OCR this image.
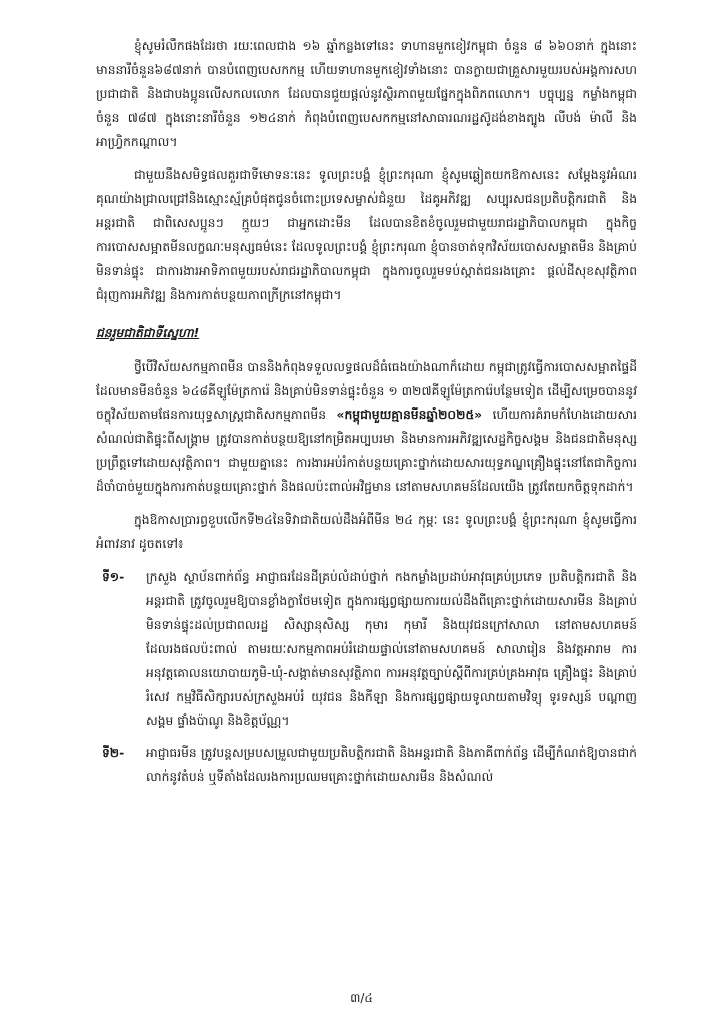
ខ្ញុំសូមរំលឹកផងដែរថា រយៈពេលជាង ១៦ ឆ្នាំកន្លងទៅនេះ ទាហានមួកខៀវកម្ពុជា ចំនួន ៨ ៦៦០នាក់ ក្នុងនោះមាននារីចំនួន៦៨៧នាក់ បានបំពេញបេសកកម្ម ហើយទាហានមួកខៀវទាំងនោះ បានក្លាយជាគ្រួសារមួយរបស់អង្គការសហប្រជាជាតិ និងជាបងប្អូនលើសកលលោក ដែលបានជួយផ្ដល់នូវស្ថិរភាពមួយផ្នែកក្នុងពិភពលោក។ បច្ចុប្បន្ន កម្លាំងកម្ពុជាចំនួន ៧៨៧ ក្នុងនោះនារីចំនួន ១២៤នាក់ កំពុងបំពេញបេសកកម្មនៅសាធារណរដ្ឋស៊ូដង់ខាងត្បូង លីបង់ ម៉ាលី និងអាហ្វ្រិកកណ្ដាល។

ជាមួយនឹងសមិទ្ធផលគួរជាទីមោទនៈនេះ ទូលព្រះបង្គំ ខ្ញុំព្រះករុណា ខ្ញុំសូមឆ្លៀតយកឱកាសនេះ សម្ដែងនូវអំណរគុណយ៉ាងជ្រាលជ្រៅនិងស្មោះស្ម័គ្របំផុតជូនចំពោះប្រទេសម្ចាស់ជំនួយ ដៃគូអភិវឌ្ឍ សប្បុរសជនប្រតិបត្តិករជាតិ និងអន្តរជាតិ ជាពិសេសប្អូនៗ ក្មួយៗ ជាអ្នកដោះមីន ដែលបានខិតខំចូលរួមជាមួយរាជរដ្ឋាភិបាលកម្ពុជា ក្នុងកិច្ចការបោសសម្អាតមីនលក្ខណៈមនុស្សធម៌នេះ ដែលទូលព្រះបង្គំ ខ្ញុំព្រះករុណា ខ្ញុំបានចាត់ទុកវិស័យបោសសម្អាតមីន និងគ្រាប់មិនទាន់ផ្ទុះ ជាការងារអាទិភាពមួយរបស់រាជរដ្ឋាភិបាលកម្ពុជា ក្នុងការចូលរួមទប់ស្កាត់ជនរងគ្រោះ ផ្ដល់ដីសុខសុវត្ថិភាព ជំរុញការអភិវឌ្ឍ និងការកាត់បន្ថយភាពក្រីក្រនៅកម្ពុជា។

ជនរួមជាតិជាទីស្នេហា!

ថ្វីបើវិស័យសកម្មភាពមីន បាននិងកំពុងទទួលលទ្ធផលដ៏ធំធេងយ៉ាងណាក៏ដោយ កម្ពុជាត្រូវធ្វើការបោសសម្អាតផ្ទៃដីដែលមានមីនចំនួន ៦៤៨គីឡូម៉ែត្រការ៉េ និងគ្រាប់មិនទាន់ផ្ទុះចំនួន ១ ៣២៧គីឡូម៉ែត្រការ៉េបន្ថែមទៀត ដើម្បីសម្រេចបាននូវចក្ខុវិស័យតាមផែនការយុទ្ធសាស្ត្រជាតិសកម្មភាពមីន «កម្ពុជាមួយគ្មានមីនឆ្នាំ២០២៥» ហើយការគំរាមកំហែងដោយសារសំណល់ជាតិផ្ទុះពីសង្គ្រាម ត្រូវបានកាត់បន្ថយឱ្យនៅកម្រិតអប្បបរមា និងមានការអភិវឌ្ឍសេដ្ឋកិច្ចសង្គម និងជនជាតិមនុស្សប្រព្រឹត្តទៅដោយសុវត្ថិភាព។ ជាមួយគ្នានេះ ការងារអប់រំកាត់បន្ថយគ្រោះថ្នាក់ដោយសារយុទ្ធភណ្ឌគ្រឿងផ្ទុះនៅតែជាកិច្ចការដ៏ចាំបាច់មួយក្នុងការកាត់បន្ថយគ្រោះថ្នាក់ និងផលប៉ះពាល់អវិជ្ជមាន នៅតាមសហគមន៍ដែលយើង ត្រូវតែយកចិត្តទុកដាក់។

ក្នុងឱកាសប្រារព្ធខួបលើកទី២៤នៃទិវាជាតិយល់ដឹងអំពីមីន ២៤ កុម្ភៈ នេះ ទូលព្រះបង្គំ ខ្ញុំព្រះករុណា ខ្ញុំសូមធ្វើការអំពាវនាវ ដូចតទៅ៖

ទី១-	ក្រសួង ស្ថាប័នពាក់ព័ន្ធ អាជ្ញាធរដែនដីគ្រប់លំដាប់ថ្នាក់ កងកម្លាំងប្រដាប់អាវុធគ្រប់ប្រភេទ ប្រតិបត្តិករជាតិ និងអន្តរជាតិ ត្រូវចូលរួមឱ្យបានខ្លាំងក្លាថែមទៀត ក្នុងការផ្សព្វផ្សាយការយល់ដឹងពីគ្រោះថ្នាក់ដោយសារមីន និងគ្រាប់មិនទាន់ផ្ទុះដល់ប្រជាពលរដ្ឋ សិស្សានុសិស្ស កុមារ កុមារី និងយុវជនក្រៅសាលា នៅតាមសហគមន៍ដែលរងផលប៉ះពាល់ តាមរយៈសកម្មភាពអប់រំដោយផ្ទាល់នៅតាមសហគមន៍ សាលារៀន និងវត្តអារាម ការអនុវត្តគោលនយោបាយភូមិ-ឃុំ-សង្កាត់មានសុវត្ថិភាព ការអនុវត្តច្បាប់ស្ដីពីការគ្រប់គ្រងអាវុធ គ្រឿងផ្ទុះ និងគ្រាប់រំសេវ កម្មវិធីសិក្សារបស់ក្រសួងអប់រំ យុវជន និងកីឡា និងការផ្សព្វផ្សាយទូលាយតាមវិទ្យុ ទូរទស្សន៍ បណ្ដាញសង្គម ផ្ទាំងប៉ាណូ និងខិត្តប័ណ្ណ។
ទី២-	អាជ្ញាធរមីន ត្រូវបន្តសម្របសម្រួលជាមួយប្រតិបត្តិករជាតិ និងអន្តរជាតិ និងភាគីពាក់ព័ន្ធ ដើម្បីកំណត់ឱ្យបានជាក់លាក់នូវតំបន់ ឬទីតាំងដែលរងការប្រឈមគ្រោះថ្នាក់ដោយសារមីន និងសំណល់
៣/៤
